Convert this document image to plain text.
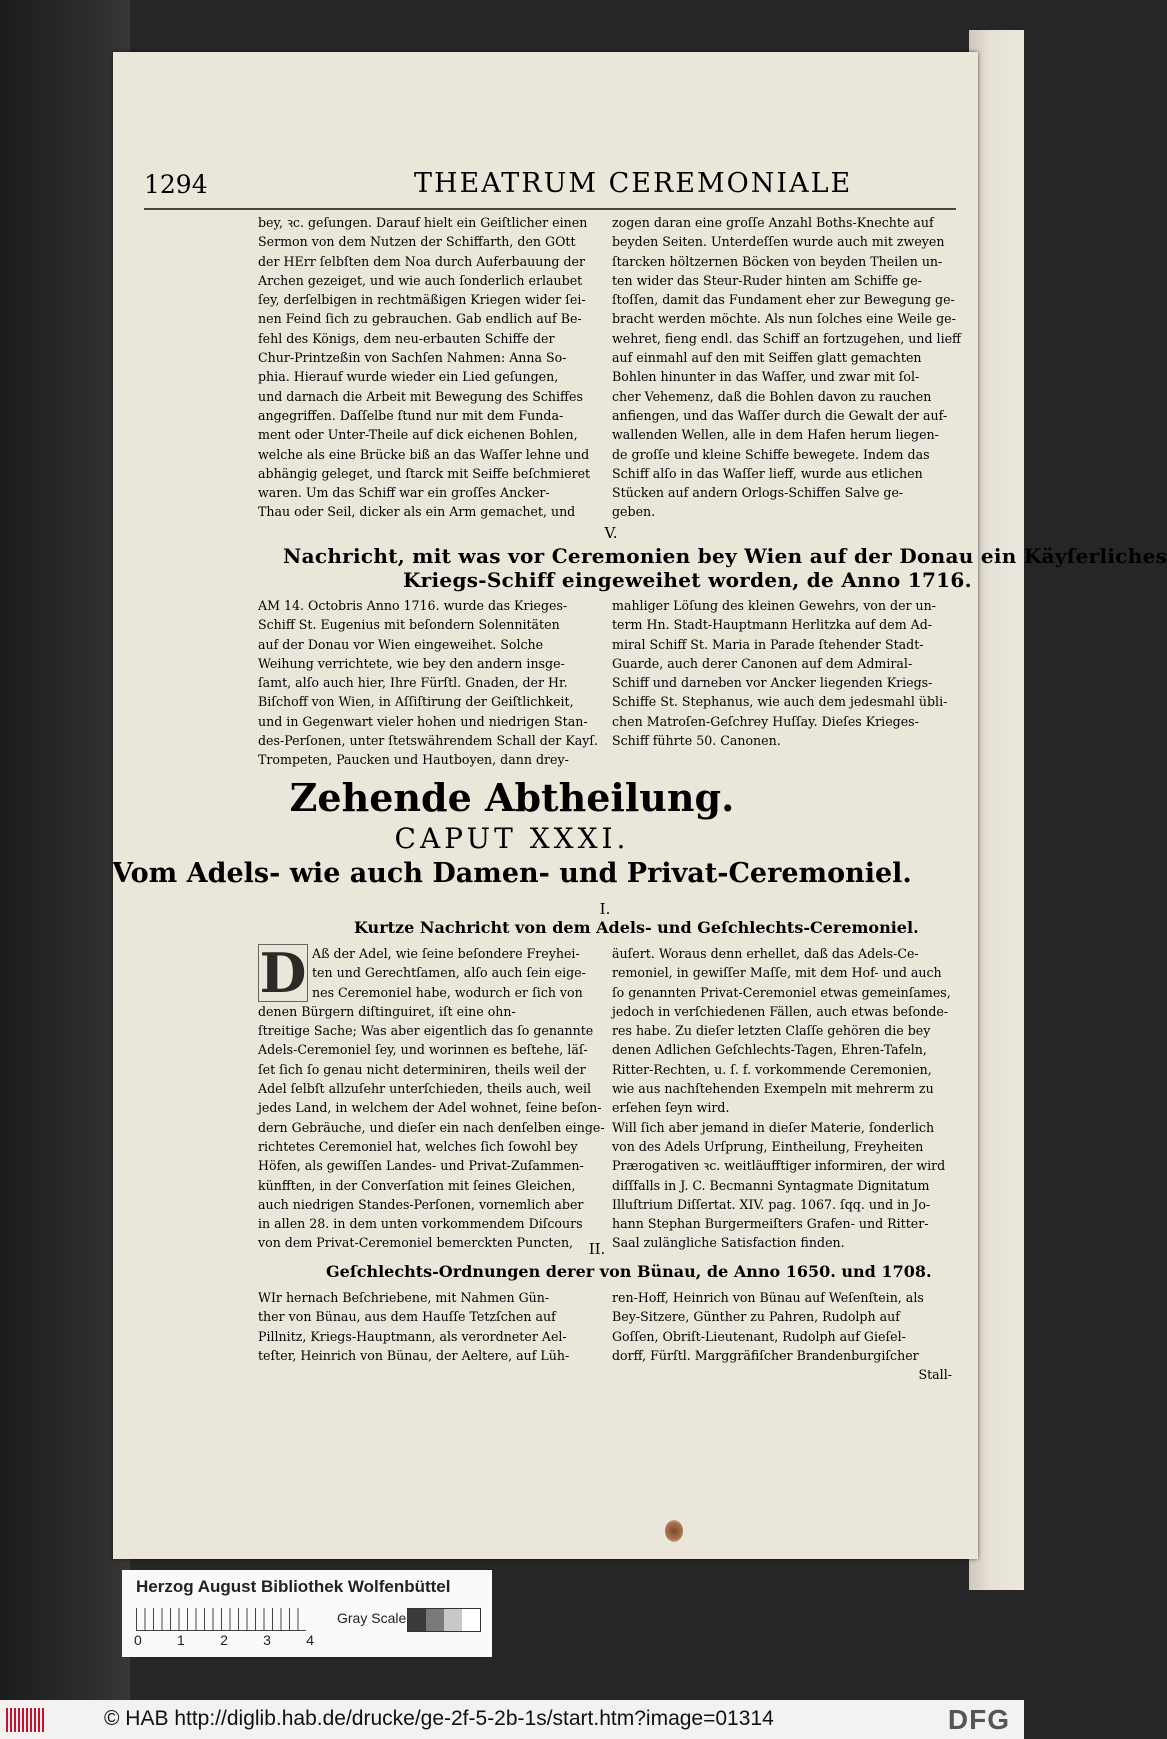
1294	THEATRUM CEREMONIALE
bey, ꝛc. geſungen. Darauf hielt ein Geiſtlicher einen
Sermon von dem Nutzen der Schiffarth, den GOtt
der HErr ſelbſten dem Noa durch Auferbauung der
Archen gezeiget, und wie auch ſonderlich erlaubet
ſey, derſelbigen in rechtmäßigen Kriegen wider ſei-
nen Feind ſich zu gebrauchen. Gab endlich auf Be-
fehl des Königs, dem neu-erbauten Schiffe der
Chur-Printzeßin von Sachſen Nahmen: Anna So-
phia. Hierauf wurde wieder ein Lied geſungen,
und darnach die Arbeit mit Bewegung des Schiffes
angegriffen. Daſſelbe ſtund nur mit dem Funda-
ment oder Unter-Theile auf dick eichenen Bohlen,
welche als eine Brücke biß an das Waſſer lehne und
abhängig geleget, und ſtarck mit Seiffe beſchmieret
waren. Um das Schiff war ein groſſes Ancker-
Thau oder Seil, dicker als ein Arm gemachet, und
zogen daran eine groſſe Anzahl Boths-Knechte auf
beyden Seiten. Unterdeſſen wurde auch mit zweyen
ſtarcken höltzernen Böcken von beyden Theilen un-
ten wider das Steur-Ruder hinten am Schiffe ge-
ſtoſſen, damit das Fundament eher zur Bewegung ge-
bracht werden möchte. Als nun ſolches eine Weile ge-
wehret, fieng endl. das Schiff an fortzugehen, und lieff
auf einmahl auf den mit Seiffen glatt gemachten
Bohlen hinunter in das Waſſer, und zwar mit ſol-
cher Vehemenz, daß die Bohlen davon zu rauchen
anfiengen, und das Waſſer durch die Gewalt der auf-
wallenden Wellen, alle in dem Hafen herum liegen-
de groſſe und kleine Schiffe bewegete. Indem das
Schiff alſo in das Waſſer lieff, wurde aus etlichen
Stücken auf andern Orlogs-Schiffen Salve ge-
geben.
V.
Nachricht, mit was vor Ceremonien bey Wien auf der Donau ein Käyſerliches
Kriegs-Schiff eingeweihet worden, de Anno 1716.
AM 14. Octobris Anno 1716. wurde das Krieges-
Schiff St. Eugenius mit beſondern Solennitäten
auf der Donau vor Wien eingeweihet. Solche
Weihung verrichtete, wie bey den andern insge-
ſamt, alſo auch hier, Ihre Fürſtl. Gnaden, der Hr.
Biſchoff von Wien, in Aſſiſtirung der Geiſtlichkeit,
und in Gegenwart vieler hohen und niedrigen Stan-
des-Perſonen, unter ſtetswährendem Schall der Kayſ.
Trompeten, Paucken und Hautboyen, dann drey-
mahliger Löſung des kleinen Gewehrs, von der un-
term Hn. Stadt-Hauptmann Herlitzka auf dem Ad-
miral Schiff St. Maria in Parade ſtehender Stadt-
Guarde, auch derer Canonen auf dem Admiral-
Schiff und darneben vor Ancker liegenden Kriegs-
Schiffe St. Stephanus, wie auch dem jedesmahl übli-
chen Matroſen-Geſchrey Huſſay. Dieſes Krieges-
Schiff führte 50. Canonen.
Zehende Abtheilung.
CAPUT XXXI.
Vom Adels- wie auch Damen- und Privat-Ceremoniel.
I.
Kurtze Nachricht von dem Adels- und Geſchlechts-Ceremoniel.
D Aß der Adel, wie ſeine beſondere Freyhei-
ten und Gerechtſamen, alſo auch ſein eige-
nes Ceremoniel habe, wodurch er ſich von
denen Bürgern diſtinguiret, iſt eine ohn-
ſtreitige Sache; Was aber eigentlich das ſo genannte
Adels-Ceremoniel ſey, und worinnen es beſtehe, läſ-
ſet ſich ſo genau nicht determiniren, theils weil der
Adel ſelbſt allzuſehr unterſchieden, theils auch, weil
jedes Land, in welchem der Adel wohnet, ſeine beſon-
dern Gebräuche, und dieſer ein nach denſelben einge-
richtetes Ceremoniel hat, welches ſich ſowohl bey
Höfen, als gewiſſen Landes- und Privat-Zuſammen-
künfften, in der Converſation mit ſeines Gleichen,
auch niedrigen Standes-Perſonen, vornemlich aber
in allen 28. in dem unten vorkommendem Diſcours
von dem Privat-Ceremoniel bemerckten Puncten,
äuſert. Woraus denn erhellet, daß das Adels-Ce-
remoniel, in gewiſſer Maſſe, mit dem Hof- und auch
ſo genannten Privat-Ceremoniel etwas gemeinſames,
jedoch in verſchiedenen Fällen, auch etwas beſonde-
res habe. Zu dieſer letzten Claſſe gehören die bey
denen Adlichen Geſchlechts-Tagen, Ehren-Tafeln,
Ritter-Rechten, u. ſ. f. vorkommende Ceremonien,
wie aus nachſtehenden Exempeln mit mehrerm zu
erſehen ſeyn wird.
Will ſich aber jemand in dieſer Materie, ſonderlich
von des Adels Urſprung, Eintheilung, Freyheiten
Prærogativen ꝛc. weitläufftiger informiren, der wird
diſſfalls in J. C. Becmanni Syntagmate Dignitatum
Illuſtrium Diſſertat. XIV. pag. 1067. ſqq. und in Jo-
hann Stephan Burgermeiſters Grafen- und Ritter-
Saal zulängliche Satisfaction finden.
II.
Geſchlechts-Ordnungen derer von Bünau, de Anno 1650. und 1708.
WIr hernach Beſchriebene, mit Nahmen Gün-
ther von Bünau, aus dem Hauſſe Tetzſchen auf
Pillnitz, Kriegs-Hauptmann, als verordneter Ael-
teſter, Heinrich von Bünau, der Aeltere, auf Lüh-
ren-Hoff, Heinrich von Bünau auf Weſenſtein, als
Bey-Sitzere, Günther zu Pahren, Rudolph auf
Goſſen, Obriſt-Lieutenant, Rudolph auf Gieſel-
dorff, Fürſtl. Marggräfiſcher Brandenburgiſcher
Stall-
Herzog August Bibliothek Wolfenbüttel
Gray Scale
0	1	2	3	4
© HAB http://diglib.hab.de/drucke/ge-2f-5-2b-1s/start.htm?image=01314	DFG
